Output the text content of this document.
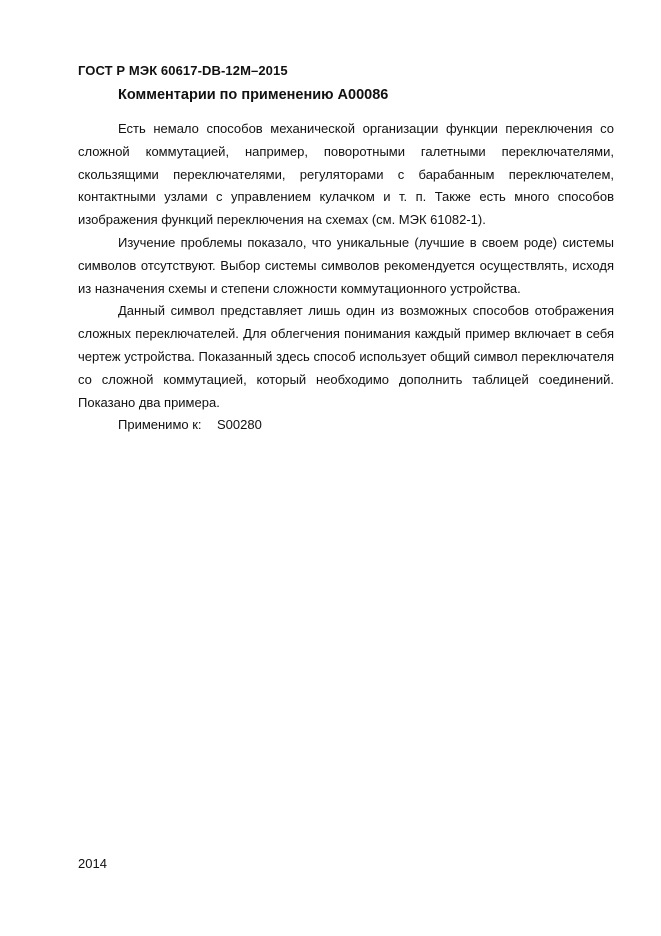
ГОСТ Р МЭК 60617-DB-12M–2015
Комментарии по применению А00086

Есть немало способов механической организации функции переключения со сложной коммутацией, например, поворотными галетными переключателями, скользящими переключателями, регуляторами с барабанным переключателем, контактными узлами с управлением кулачком и т. п. Также есть много способов изображения функций переключения на схемах (см. МЭК 61082-1).

Изучение проблемы показало, что уникальные (лучшие в своем роде) системы символов отсутствуют. Выбор системы символов рекомендуется осуществлять, исходя из назначения схемы и степени сложности коммутационного устройства.

Данный символ представляет лишь один из возможных способов отображения сложных переключателей. Для облегчения понимания каждый пример включает в себя чертеж устройства. Показанный здесь способ использует общий символ переключателя со сложной коммутацией, который необходимо дополнить таблицей соединений. Показано два примера.

Применимо к: S00280

2014
